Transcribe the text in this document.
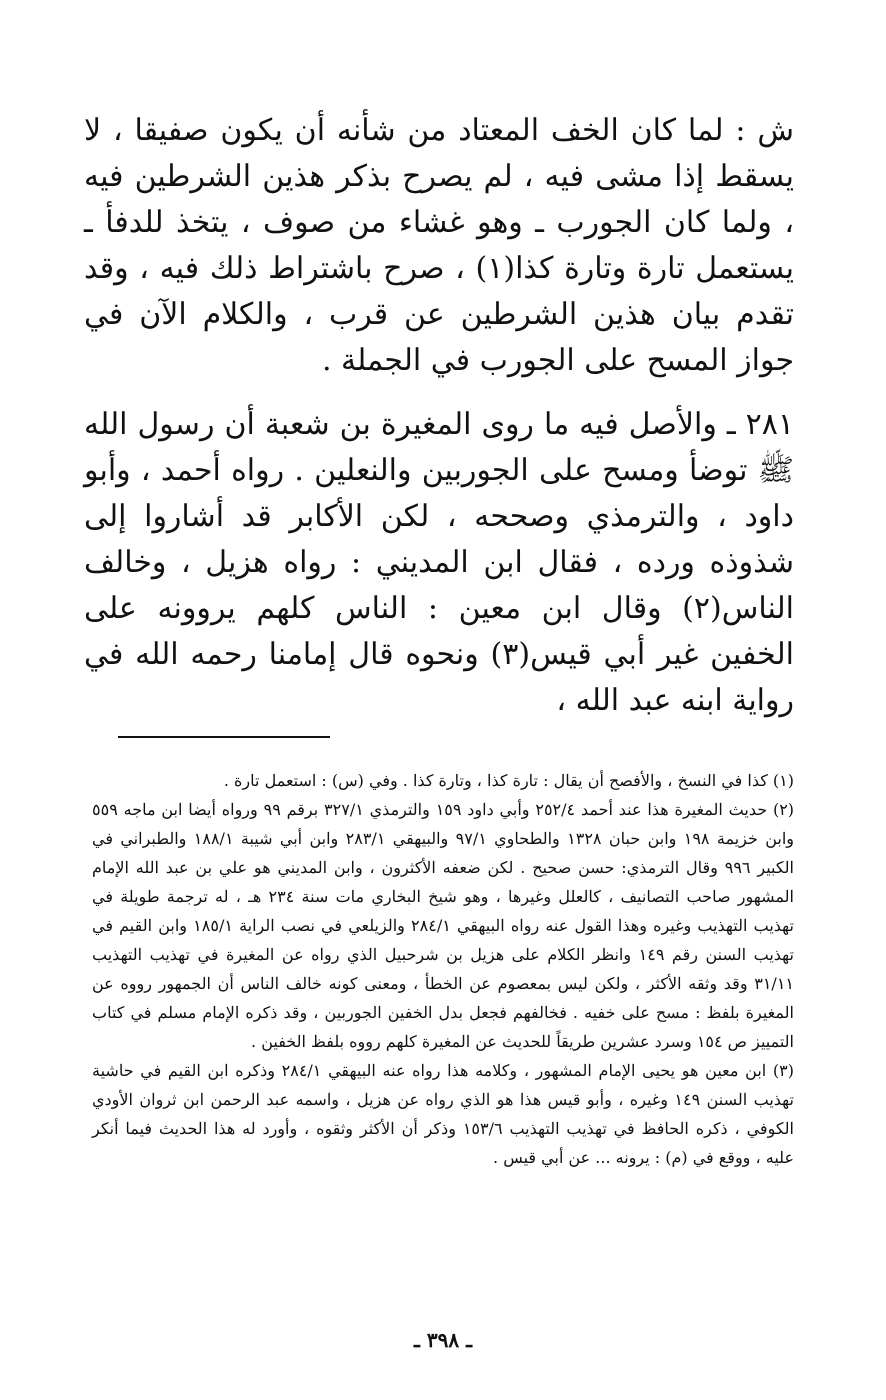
ش : لما كان الخف المعتاد من شأنه أن يكون صفيقا ، لا يسقط إذا مشى فيه ، لم يصرح بذكر هذين الشرطين فيه ، ولما كان الجورب ـ وهو غشاء من صوف ، يتخذ للدفأ ـ يستعمل تارة وتارة كذا(١) ، صرح باشتراط ذلك فيه ، وقد تقدم بيان هذين الشرطين عن قرب ، والكلام الآن في جواز المسح على الجورب في الجملة .

٢٨١ ـ والأصل فيه ما روى المغيرة بن شعبة أن رسول الله ﷺ توضأ ومسح على الجوربين والنعلين . رواه أحمد ، وأبو داود ، والترمذي وصححه ، لكن الأكابر قد أشاروا إلى شذوذه ورده ، فقال ابن المديني : رواه هزيل ، وخالف الناس(٢) وقال ابن معين : الناس كلهم يروونه على الخفين غير أبي قيس(٣) ونحوه قال إمامنا رحمه الله في رواية ابنه عبد الله ،

(١) كذا في النسخ ، والأفصح أن يقال : تارة كذا ، وتارة كذا . وفي (س) : استعمل تارة .

(٢) حديث المغيرة هذا عند أحمد ٢٥٢/٤ وأبي داود ١٥٩ والترمذي ٣٢٧/١ برقم ٩٩ ورواه أيضا ابن ماجه ٥٥٩ وابن خزيمة ١٩٨ وابن حبان ١٣٢٨ والطحاوي ٩٧/١ والبيهقي ٢٨٣/١ وابن أبي شيبة ١٨٨/١ والطبراني في الكبير ٩٩٦ وقال الترمذي: حسن صحيح . لكن ضعفه الأكثرون ، وابن المديني هو علي بن عبد الله الإمام المشهور صاحب التصانيف ، كالعلل وغيرها ، وهو شيخ البخاري مات سنة ٢٣٤ هـ ، له ترجمة طويلة في تهذيب التهذيب وغيره وهذا القول عنه رواه البيهقي ٢٨٤/١ والزيلعي في نصب الراية ١٨٥/١ وابن القيم في تهذيب السنن رقم ١٤٩ وانظر الكلام على هزيل بن شرحبيل الذي رواه عن المغيرة في تهذيب التهذيب ٣١/١١ وقد وثقه الأكثر ، ولكن ليس بمعصوم عن الخطأ ، ومعنى كونه خالف الناس أن الجمهور رووه عن المغيرة بلفظ : مسح على خفيه . فخالفهم فجعل بدل الخفين الجوربين ، وقد ذكره الإمام مسلم في كتاب التمييز ص ١٥٤ وسرد عشرين طريقاً للحديث عن المغيرة كلهم رووه بلفظ الخفين .

(٣) ابن معين هو يحيى الإمام المشهور ، وكلامه هذا رواه عنه البيهقي ٢٨٤/١ وذكره ابن القيم في حاشية تهذيب السنن ١٤٩ وغيره ، وأبو قيس هذا هو الذي رواه عن هزيل ، واسمه عبد الرحمن ابن ثروان الأودي الكوفي ، ذكره الحافظ في تهذيب التهذيب ١٥٣/٦ وذكر أن الأكثر وثقوه ، وأورد له هذا الحديث فيما أنكر عليه ، ووقع في (م) : يرونه ... عن أبي قيس .

ـ ٣٩٨ ـ
